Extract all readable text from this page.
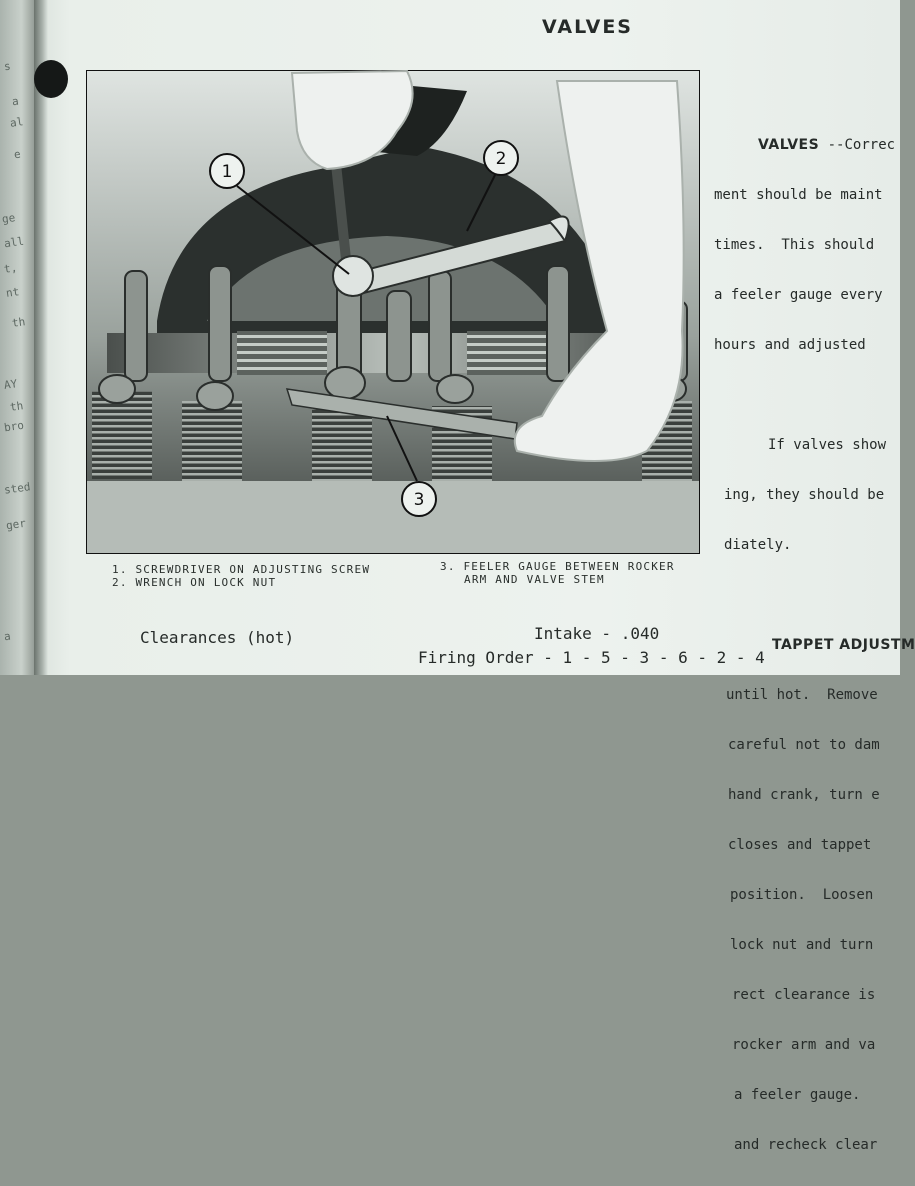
s
a
al
e
ge
all
t,
nt
th
AY
th
bro
sted
ger
a
VALVES
1
2
3
1. SCREWDRIVER ON ADJUSTING SCREW
2. WRENCH ON LOCK NUT
3. FEELER GAUGE BETWEEN ROCKER
ARM AND VALVE STEM

VALVES --Correc

ment should be maint

times.  This should

a feeler gauge every

hours and adjusted

If valves show

ing, they should be

diately.

TAPPET ADJUSTM

until hot.  Remove

careful not to dam

hand crank, turn e

closes and tappet

position.  Loosen

lock nut and turn

rect clearance is

rocker arm and va

a feeler gauge.

and recheck clear

Clearances (hot)	Intake - .040
Firing Order - 1 - 5 - 3 - 6 - 2 - 4
